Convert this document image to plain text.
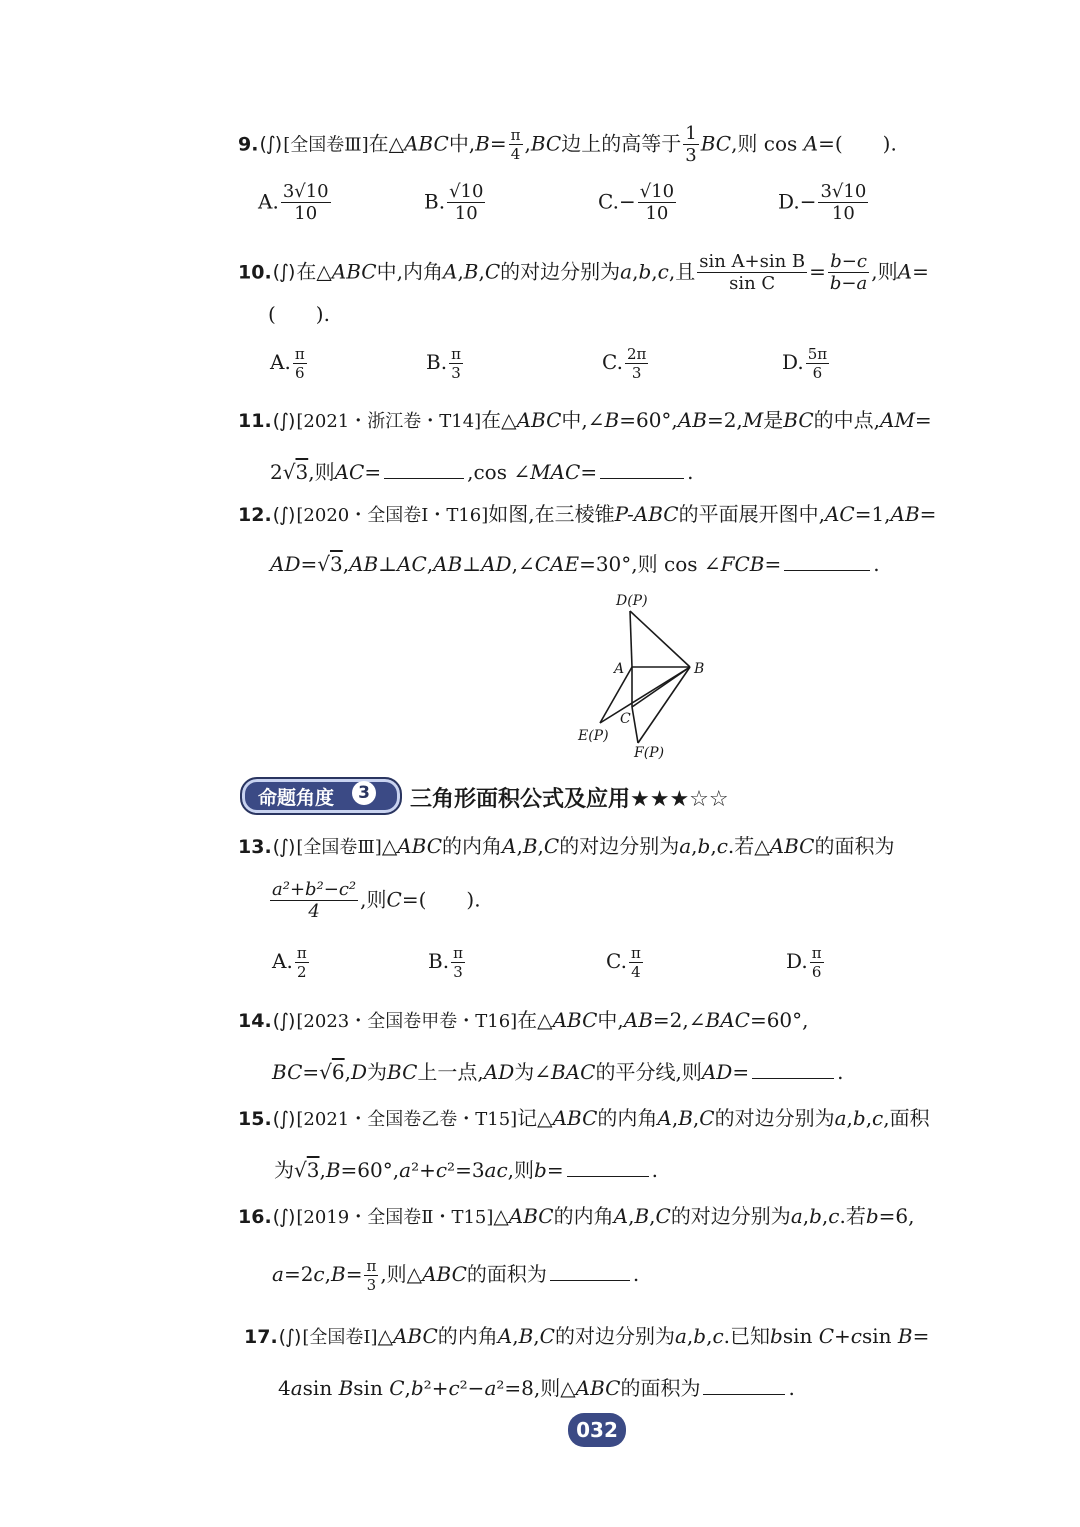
9.(∫) [全国卷Ⅲ]在△ABC中$,B= \frac{\pi}{4} ,BC$边上的高等于 $\frac{1}{3}$ BC,则 cos A=(　　).
A. $\frac{3√10}{10}$	B. $\frac{√10}{10}$	$C.- \frac{√10}{10}$	$D.- \frac{3√10}{10}$
10.(∫) 在△ABC中,内角A,B,C的对边分别为a,b,c,且 $\frac{\text{sin A+sin B}}{\text{sin C}} = \frac{b-c}{b-a}$ ,则A=
(　　).
A. $\frac{\pi}{6}$	B. $\frac{\pi}{3}$	C. $\frac{2\pi}{3}$	D. $\frac{5\pi}{6}$
11.(∫) [2021・浙江卷・T14]在△ABC中,∠B=60°,AB=2,M是BC的中点,AM=
2√3,则AC=	,cos ∠MAC=	.
12.(∫) [2020・全国卷Ⅰ・T16]如图,在三棱锥P-ABC的平面展开图中,AC=1,AB=
AD=√3,AB⊥AC,AB⊥AD,∠CAE=30°,则 cos ∠FCB=	.
D(P)
A	B
C
E(P)
F(P)
命题角度	3 三角形面积公式及应用★★★☆☆
13.(∫) [全国卷Ⅲ]△ABC的内角A,B,C的对边分别为a,b,c.若△ABC的面积为
$\frac{\text{a²+b²−c²}}{4}$ ,则C=(　　).
A. $\frac{\pi}{2}$	B. $\frac{\pi}{3}$	C. $\frac{\pi}{4}$	D. $\frac{\pi}{6}$
14.(∫) [2023・全国卷甲卷・T16]在△ABC中,AB=2,∠BAC=60°,
BC=√6,D为BC上一点,AD为∠BAC的平分线,则AD=	.
15.(∫) [2021・全国卷乙卷・T15]记△ABC的内角A,B,C的对边分别为a,b,c,面积
为√3,B=60°,a²+c²=3ac,则b=	.
16.(∫) [2019・全国卷Ⅱ・T15]△ABC的内角A,B,C的对边分别为a,b,c.若b=6,
$a=2c,B= \frac{\pi}{3}$ ,则△ABC的面积为	.
17.(∫) [全国卷Ⅰ]△ABC的内角A,B,C的对边分别为a,b,c.已知bsin C+csin B=
4asin Bsin C,b²+c²−a²=8,则△ABC的面积为	.
032
